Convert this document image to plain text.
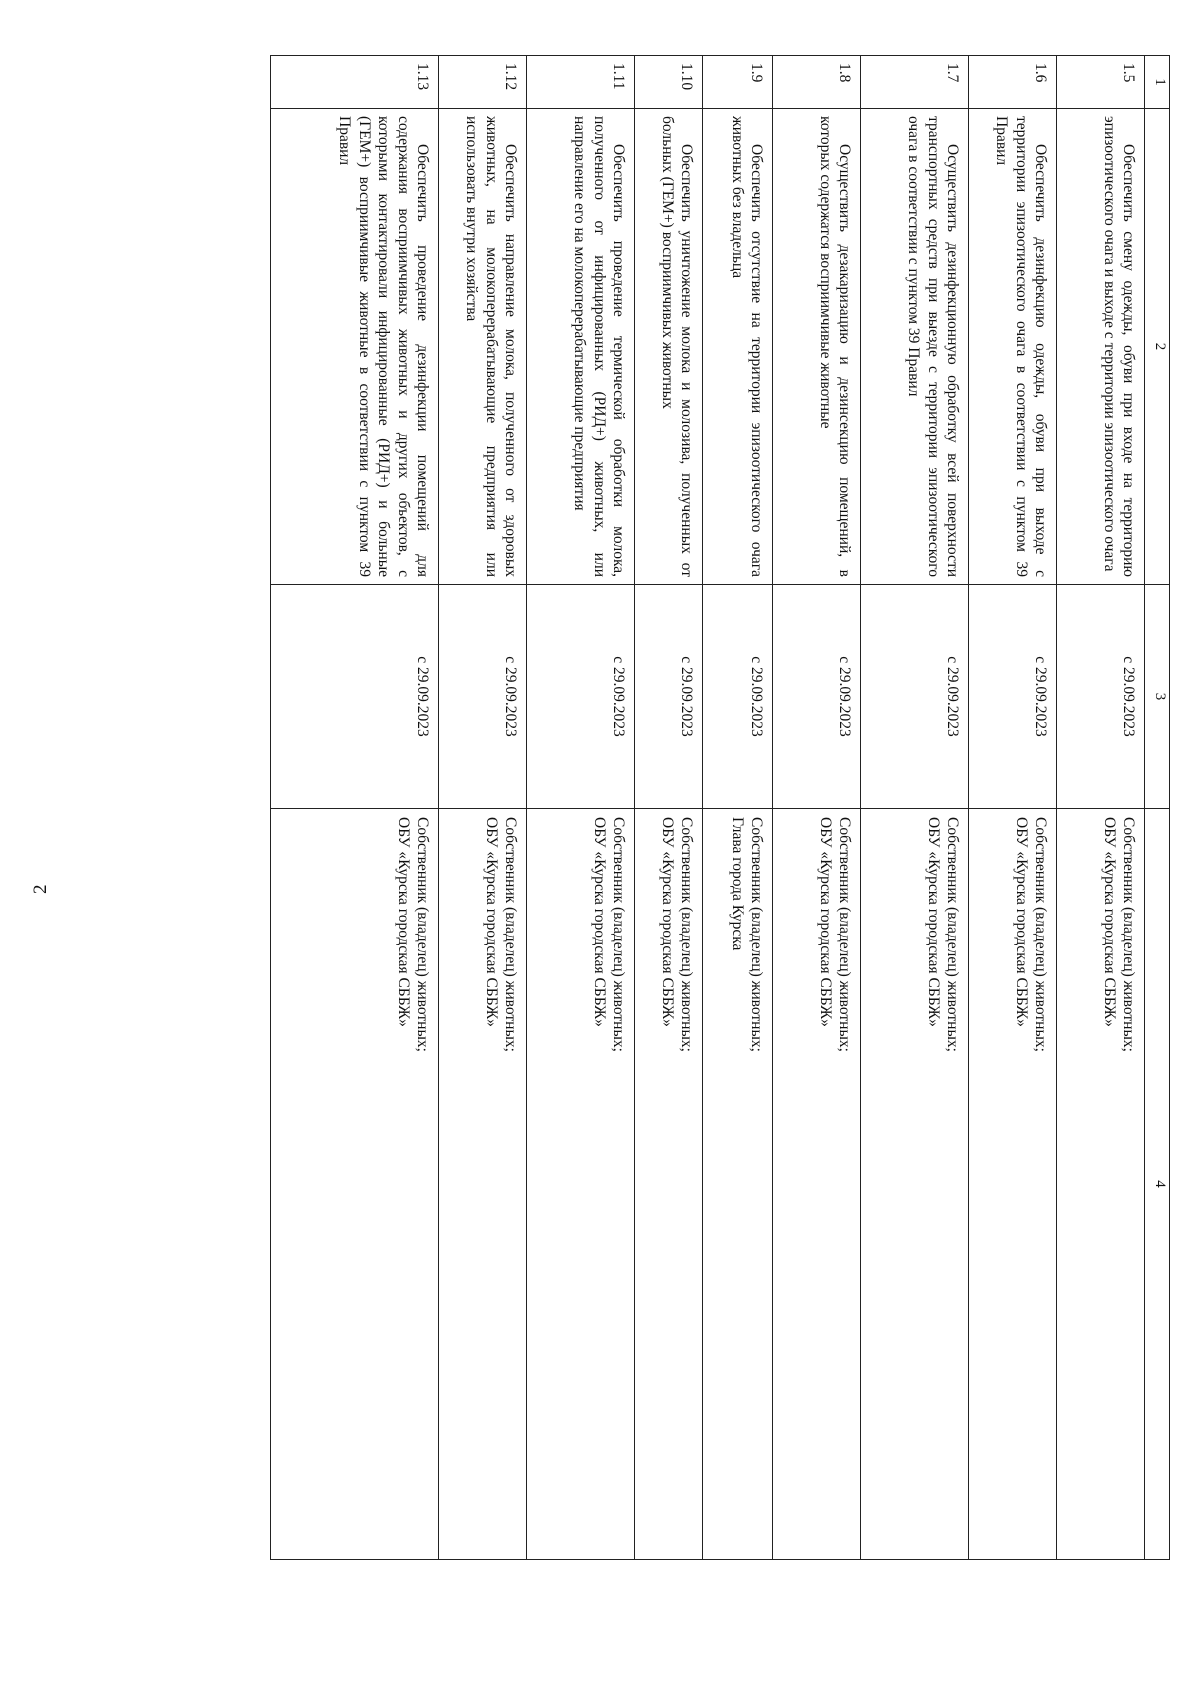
2
1	2	3	4
1.5	Обеспечить смену одежды, обуви при входе на территорию эпизоотического очага и выходе с территории эпизоотического очага	с 29.09.2023	Собственник (владелец) животных;
ОБУ «Курска городская СББЖ»
1.6	Обеспечить дезинфекцию одежды, обуви при выходе с территории эпизоотического очага в соответствии с пунктом 39 Правил	с 29.09.2023	Собственник (владелец) животных;
ОБУ «Курска городская СББЖ»
1.7	Осуществить дезинфекционную обработку всей поверхности транспортных средств при выезде с территории эпизоотического очага в соответствии с пунктом 39 Правил	с 29.09.2023	Собственник (владелец) животных;
ОБУ «Курска городская СББЖ»
1.8	Осуществить дезакаризацию и дезинсекцию помещений, в которых содержатся восприимчивые животные	с 29.09.2023	Собственник (владелец) животных;
ОБУ «Курска городская СББЖ»
1.9	Обеспечить отсутствие на территории эпизоотического очага животных без владельца	с 29.09.2023	Собственник (владелец) животных;
Глава города Курска
1.10	Обеспечить уничтожение молока и молозива, полученных от больных (ГЕМ+) восприимчивых животных	с 29.09.2023	Собственник (владелец) животных;
ОБУ «Курска городская СББЖ»
1.11	Обеспечить проведение термической обработки молока, полученного от инфицированных (РИД+) животных, или направление его на молокоперерабатывающие предприятия	с 29.09.2023	Собственник (владелец) животных;
ОБУ «Курска городская СББЖ»
1.12	Обеспечить направление молока, полученного от здоровых животных, на молокоперерабатывающие предприятия или использовать внутри хозяйства	с 29.09.2023	Собственник (владелец) животных;
ОБУ «Курска городская СББЖ»
1.13	Обеспечить проведение дезинфекции помещений для содержания восприимчивых животных и других объектов, с которыми контактировали инфицированные (РИД+) и больные (ГЕМ+) восприимчивые животные в соответствии с пунктом 39 Правил	с 29.09.2023	Собственник (владелец) животных;
ОБУ «Курска городская СББЖ»
